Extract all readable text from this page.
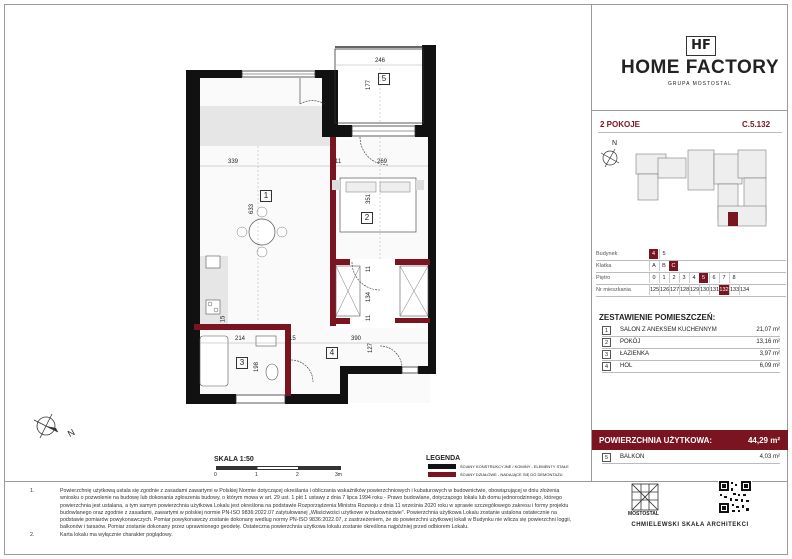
1
2
3
4
5
246
177
339	11	269
633
351
11
134
11
214
15
390
127
15
198
N
SKALA 1:50
0	1	2	3m
LEGENDA
ŚCIANY KONSTRUKCYJNE / KOMINY - ELEMENTY STAŁE
ŚCIANY DZIAŁOWE - NADAJĄCE SIĘ DO DEMONTAŻU
HF
HOME FACTORY
GRUPA MOSTOSTAL
2 POKOJE	C.5.132
N
Budynek	4	5
Klatka	A	B	C
Piętro	0	1	2	3	4	5	6	7	8
Nr mieszkania	125 126 127 128 129 130 131 132 133 134
ZESTAWIENIE POMIESZCZEŃ:
1	SALON Z ANEKSEM KUCHENNYM	21,07 m²
2	POKÓJ	13,16 m²
3	ŁAZIENKA	3,97 m²
4	HOL	6,09 m²
POWIERZCHNIA UŻYTKOWA:	44,29 m²
5	BALKON	4,03 m²
1.	Powierzchnię użytkową ustala się zgodnie z zasadami zawartymi w Polskiej Normie dotyczącej określania i obliczania wskaźników powierzchniowych i kubaturowych w budownictwie, obowiązującej w dniu złożenia wniosku o pozwolenie na budowę lub dokonania zgłoszenia budowy, o którym mowa w art. 29 ust. 1 pkt 1 ustawy z dnia 7 lipca 1994 roku - Prawo budowlane, dotyczącego lokalu lub domu jednorodzinnego, którego powierzchnia jest ustalana, a tym samym powierzchnia użytkowa Lokalu jest określona na podstawie Rozporządzenia Ministra Rozwoju z dnia 11 września 2020 roku w sprawie szczegółowego zakresu i formy projektu budowlanego oraz zgodnie z zasadami, zawartymi w polskiej normie PN-ISO 9836:2022.07 zatytułowanej „Właściwości użytkowe w budownictwie”. Powierzchnia użytkowa Lokalu zostanie ustalona ostatecznie na podstawie pomiarów powykonawczych. Pomiar powykonawczy zostanie dokonany wedlug normy PN-ISO 9836:2022.07, z zastrzeżeniem, że do powierzchni użytkowej lokali w Budynku nie wlicza się powierzchni loggii, balkonów i tarasów. Pomiar zostanie dokonany przez uprawnionego geodetę. Ostateczna powierzchnia użytkowa lokalu zostanie określona najpóźniej przed odbiorem Lokalu.
2.	Karta lokalu ma wyłącznie charakter poglądowy.
MOSTOSTAL
CHMIELEWSKI SKAŁA ARCHITEKCI
